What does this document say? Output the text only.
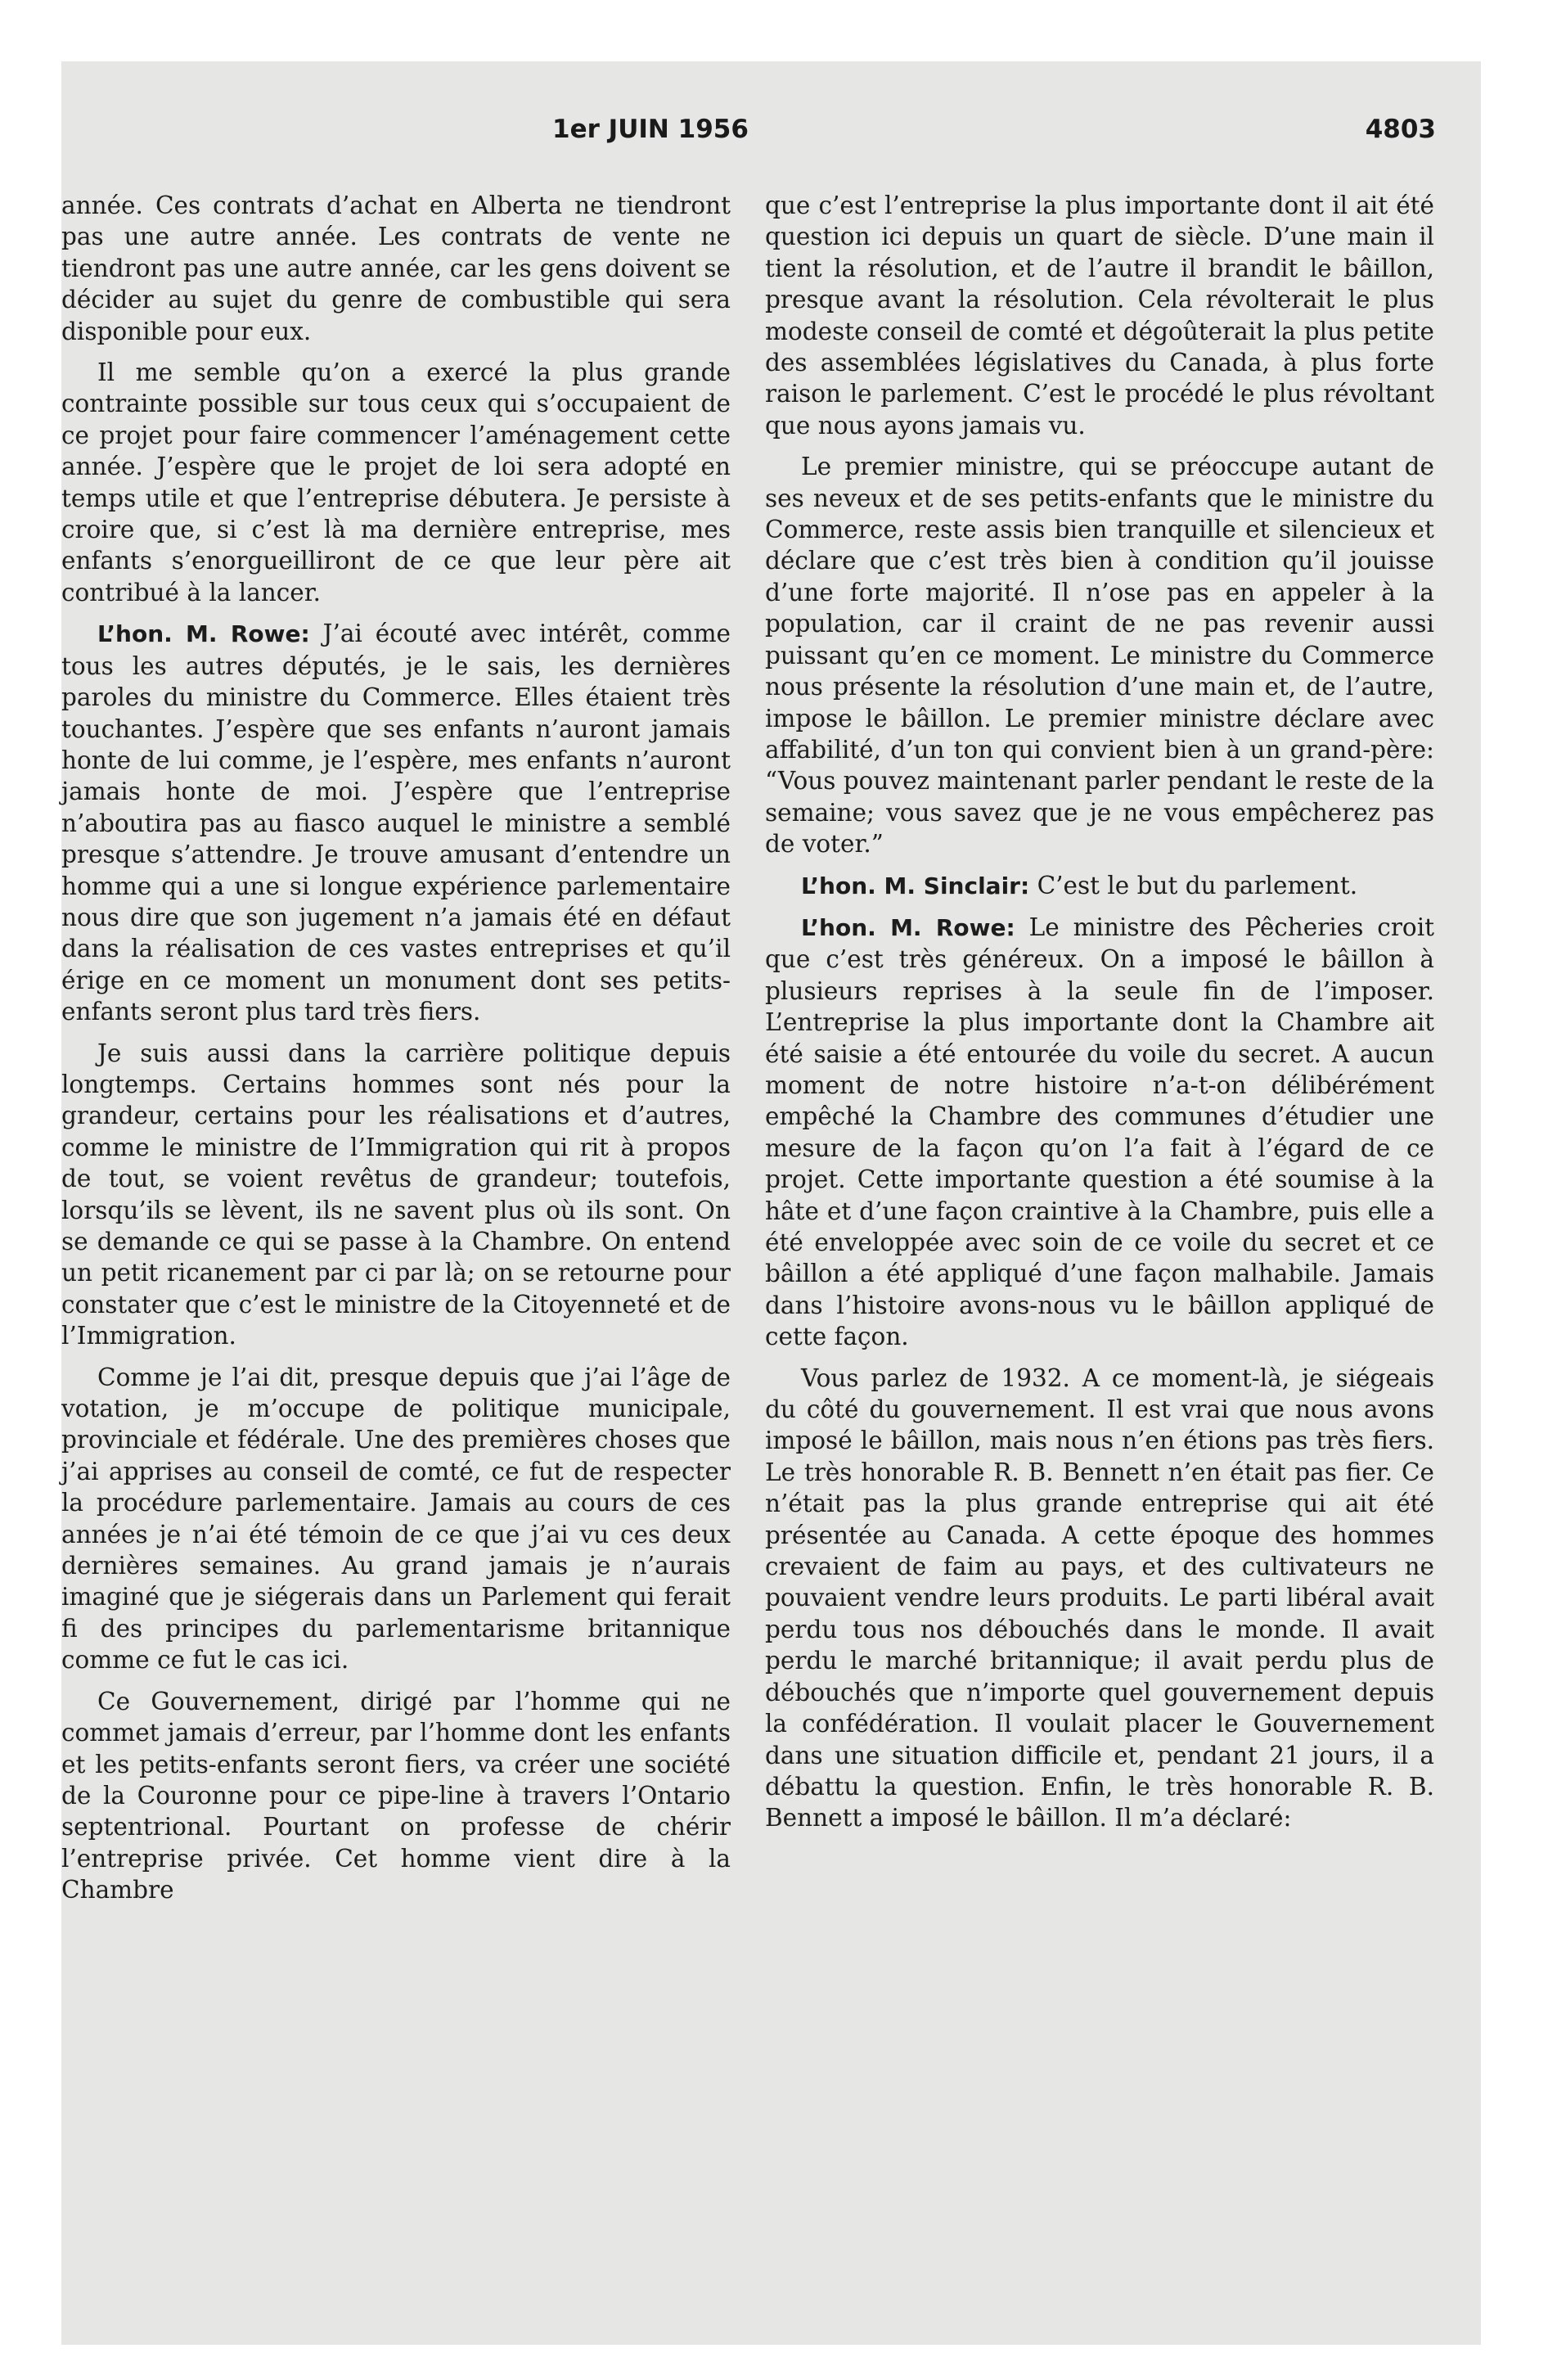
1er JUIN 1956	4803

année. Ces contrats d’achat en Alberta ne tiendront pas une autre année. Les contrats de vente ne tiendront pas une autre année, car les gens doivent se décider au sujet du genre de combustible qui sera disponible pour eux.

Il me semble qu’on a exercé la plus grande contrainte possible sur tous ceux qui s’occupaient de ce projet pour faire commencer l’aménagement cette année. J’espère que le projet de loi sera adopté en temps utile et que l’entreprise débutera. Je persiste à croire que, si c’est là ma dernière entreprise, mes enfants s’enorgueilliront de ce que leur père ait contribué à la lancer.

L’hon. M. Rowe: J’ai écouté avec intérêt, comme tous les autres députés, je le sais, les dernières paroles du ministre du Commerce. Elles étaient très touchantes. J’espère que ses enfants n’auront jamais honte de lui comme, je l’espère, mes enfants n’auront jamais honte de moi. J’espère que l’entreprise n’aboutira pas au fiasco auquel le ministre a semblé presque s’attendre. Je trouve amusant d’entendre un homme qui a une si longue expérience parlementaire nous dire que son jugement n’a jamais été en défaut dans la réalisation de ces vastes entreprises et qu’il érige en ce moment un monument dont ses petits-enfants seront plus tard très fiers.

Je suis aussi dans la carrière politique depuis longtemps. Certains hommes sont nés pour la grandeur, certains pour les réalisations et d’autres, comme le ministre de l’Immigration qui rit à propos de tout, se voient revêtus de grandeur; toutefois, lorsqu’ils se lèvent, ils ne savent plus où ils sont. On se demande ce qui se passe à la Chambre. On entend un petit ricanement par ci par là; on se retourne pour constater que c’est le ministre de la Citoyenneté et de l’Immigration.

Comme je l’ai dit, presque depuis que j’ai l’âge de votation, je m’occupe de politique municipale, provinciale et fédérale. Une des premières choses que j’ai apprises au conseil de comté, ce fut de respecter la procédure parlementaire. Jamais au cours de ces années je n’ai été témoin de ce que j’ai vu ces deux dernières semaines. Au grand jamais je n’aurais imaginé que je siégerais dans un Parlement qui ferait fi des principes du parlementarisme britannique comme ce fut le cas ici.

Ce Gouvernement, dirigé par l’homme qui ne commet jamais d’erreur, par l’homme dont les enfants et les petits-enfants seront fiers, va créer une société de la Couronne pour ce pipe-line à travers l’Ontario septentrional. Pourtant on professe de chérir l’entreprise privée. Cet homme vient dire à la Chambre

que c’est l’entreprise la plus importante dont il ait été question ici depuis un quart de siècle. D’une main il tient la résolution, et de l’autre il brandit le bâillon, presque avant la résolution. Cela révolterait le plus modeste conseil de comté et dégoûterait la plus petite des assemblées législatives du Canada, à plus forte raison le parlement. C’est le procédé le plus révoltant que nous ayons jamais vu.

Le premier ministre, qui se préoccupe autant de ses neveux et de ses petits-enfants que le ministre du Commerce, reste assis bien tranquille et silencieux et déclare que c’est très bien à condition qu’il jouisse d’une forte majorité. Il n’ose pas en appeler à la population, car il craint de ne pas revenir aussi puissant qu’en ce moment. Le ministre du Commerce nous présente la résolution d’une main et, de l’autre, impose le bâillon. Le premier ministre déclare avec affabilité, d’un ton qui convient bien à un grand-père: “Vous pouvez maintenant parler pendant le reste de la semaine; vous savez que je ne vous empêcherez pas de voter.”

L’hon. M. Sinclair: C’est le but du parlement.

L’hon. M. Rowe: Le ministre des Pêcheries croit que c’est très généreux. On a imposé le bâillon à plusieurs reprises à la seule fin de l’imposer. L’entreprise la plus importante dont la Chambre ait été saisie a été entourée du voile du secret. A aucun moment de notre histoire n’a-t-on délibérément empêché la Chambre des communes d’étudier une mesure de la façon qu’on l’a fait à l’égard de ce projet. Cette importante question a été soumise à la hâte et d’une façon craintive à la Chambre, puis elle a été enveloppée avec soin de ce voile du secret et ce bâillon a été appliqué d’une façon malhabile. Jamais dans l’histoire avons-nous vu le bâillon appliqué de cette façon.

Vous parlez de 1932. A ce moment-là, je siégeais du côté du gouvernement. Il est vrai que nous avons imposé le bâillon, mais nous n’en étions pas très fiers. Le très honorable R. B. Bennett n’en était pas fier. Ce n’était pas la plus grande entreprise qui ait été présentée au Canada. A cette époque des hommes crevaient de faim au pays, et des cultivateurs ne pouvaient vendre leurs produits. Le parti libéral avait perdu tous nos débouchés dans le monde. Il avait perdu le marché britannique; il avait perdu plus de débouchés que n’importe quel gouvernement depuis la confédération. Il voulait placer le Gouvernement dans une situation difficile et, pendant 21 jours, il a débattu la question. Enfin, le très honorable R. B. Bennett a imposé le bâillon. Il m’a déclaré:
